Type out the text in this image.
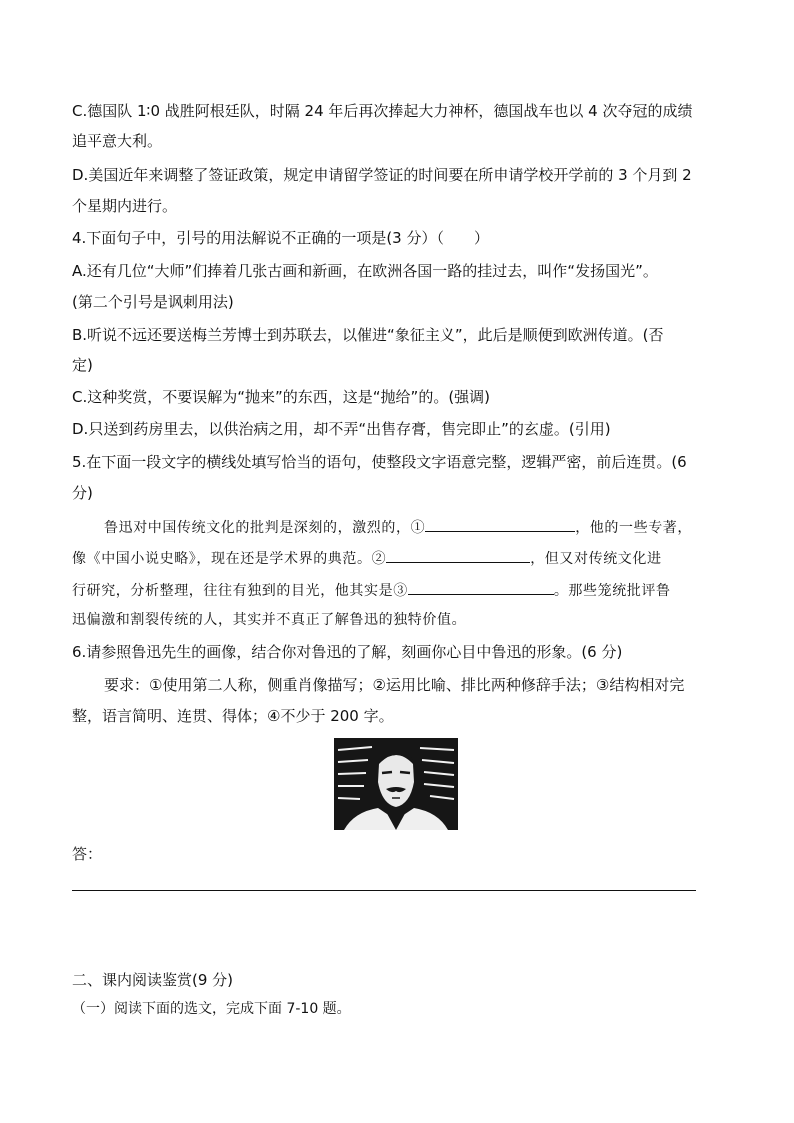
C.德国队 1∶0 战胜阿根廷队，时隔 24 年后再次捧起大力神杯，德国战车也以 4 次夺冠的成绩
追平意大利。
D.美国近年来调整了签证政策，规定申请留学签证的时间要在所申请学校开学前的 3 个月到 2
个星期内进行。
4.下面句子中，引号的用法解说不正确的一项是(3 分）（　　）
A.还有几位“大师”们捧着几张古画和新画，在欧洲各国一路的挂过去，叫作“发扬国光”。
(第二个引号是讽刺用法)
B.听说不远还要送梅兰芳博士到苏联去，以催进“象征主义”，此后是顺便到欧洲传道。(否
定)
C.这种奖赏，不要误解为“抛来”的东西，这是“抛给”的。(强调)
D.只送到药房里去，以供治病之用，却不弄“出售存膏，售完即止”的玄虚。(引用)
5.在下面一段文字的横线处填写恰当的语句，使整段文字语意完整，逻辑严密，前后连贯。(6
分)
鲁迅对中国传统文化的批判是深刻的，激烈的，①	，他的一些专著，
像《中国小说史略》，现在还是学术界的典范。②	，但又对传统文化进
行研究，分析整理，往往有独到的目光，他其实是③	。那些笼统批评鲁
迅偏激和割裂传统的人，其实并不真正了解鲁迅的独特价值。
6.请参照鲁迅先生的画像，结合你对鲁迅的了解，刻画你心目中鲁迅的形象。(6 分)
要求：①使用第二人称，侧重肖像描写；②运用比喻、排比两种修辞手法；③结构相对完
整，语言简明、连贯、得体；④不少于 200 字。
答：
二、课内阅读鉴赏(9 分)
（一）阅读下面的选文，完成下面 7-10 题。
